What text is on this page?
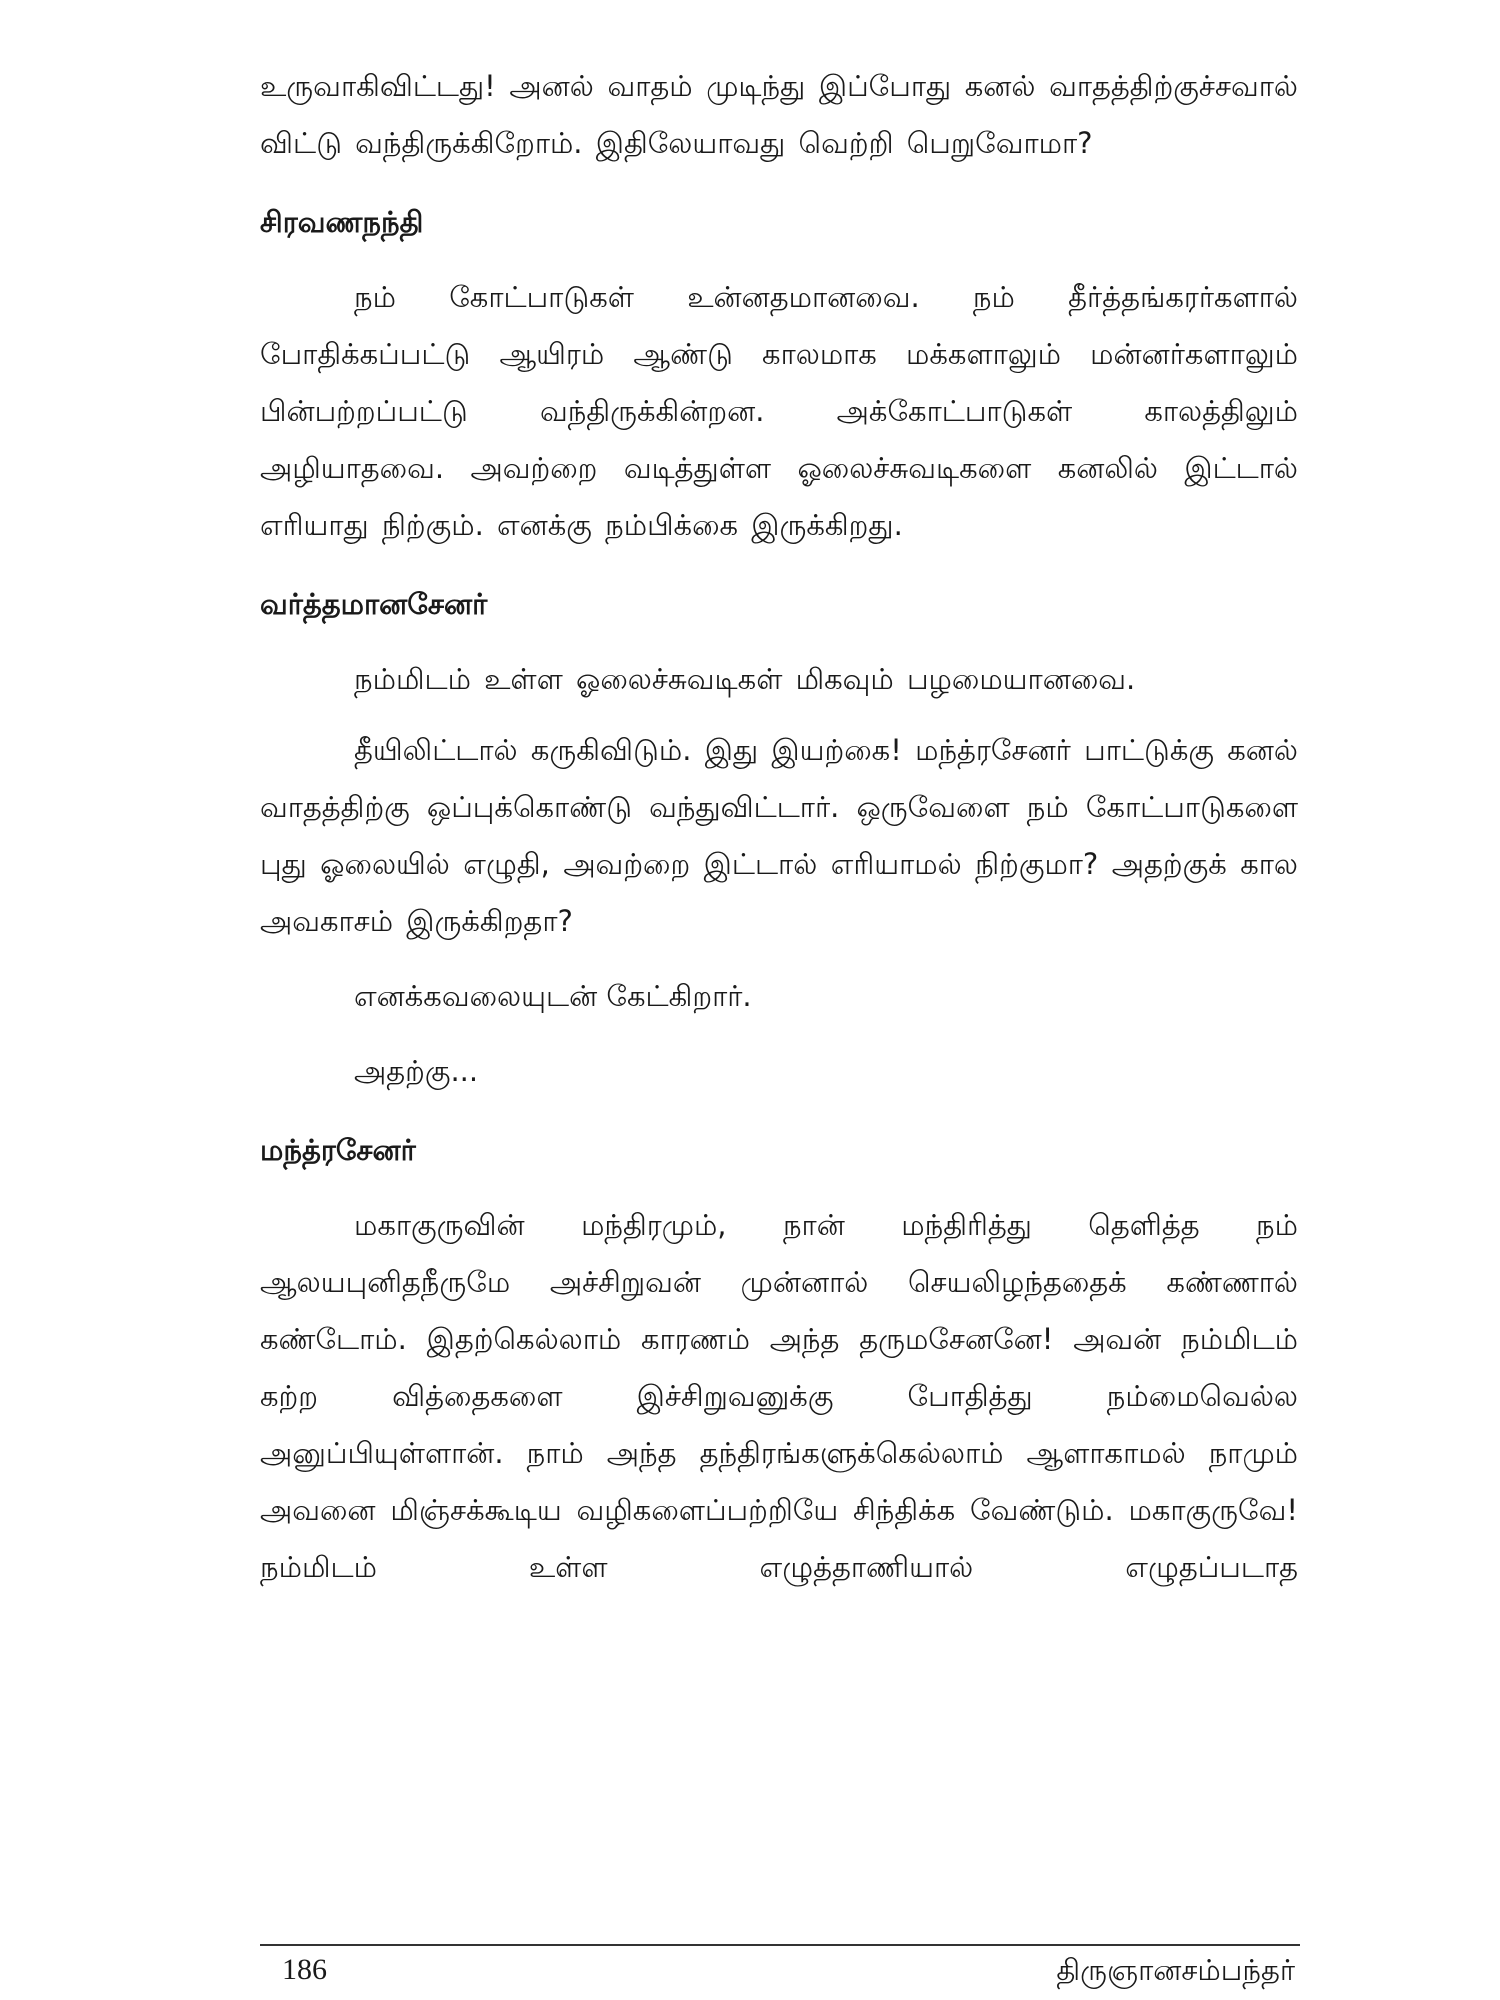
உருவாகிவிட்டது! அனல் வாதம் முடிந்து இப்போது கனல் வாதத்திற்குச்சவால் விட்டு வந்திருக்கிறோம். இதிலேயாவது வெற்றி பெறுவோமா?

சிரவணநந்தி

நம் கோட்பாடுகள் உன்னதமானவை. நம் தீர்த்தங்கரர்களால் போதிக்கப்பட்டு ஆயிரம் ஆண்டு காலமாக மக்களாலும் மன்னர்களாலும் பின்பற்றப்பட்டு வந்திருக்கின்றன. அக்கோட்பாடுகள் காலத்திலும் அழியாதவை. அவற்றை வடித்துள்ள ஓலைச்சுவடிகளை கனலில் இட்டால் எரியாது நிற்கும். எனக்கு நம்பிக்கை இருக்கிறது.

வர்த்தமானசேனர்

நம்மிடம் உள்ள ஓலைச்சுவடிகள் மிகவும் பழமையானவை.

தீயிலிட்டால் கருகிவிடும். இது இயற்கை! மந்த்ரசேனர் பாட்டுக்கு கனல் வாதத்திற்கு ஒப்புக்கொண்டு வந்துவிட்டார். ஒருவேளை நம் கோட்பாடுகளை புது ஓலையில் எழுதி, அவற்றை இட்டால் எரியாமல் நிற்குமா? அதற்குக் கால அவகாசம் இருக்கிறதா?

எனக்கவலையுடன் கேட்கிறார்.

அதற்கு...

மந்த்ரசேனர்

மகாகுருவின் மந்திரமும், நான் மந்திரித்து தெளித்த நம் ஆலயபுனிதநீருமே அச்சிறுவன் முன்னால் செயலிழந்ததைக் கண்ணால் கண்டோம். இதற்கெல்லாம் காரணம் அந்த தருமசேனனே! அவன் நம்மிடம் கற்ற வித்தைகளை இச்சிறுவனுக்கு போதித்து நம்மைவெல்ல அனுப்பியுள்ளான். நாம் அந்த தந்திரங்களுக்கெல்லாம் ஆளாகாமல் நாமும் அவனை மிஞ்சக்கூடிய வழிகளைப்பற்றியே சிந்திக்க வேண்டும். மகாகுருவே!நம்மிடம் உள்ள எழுத்தாணியால் எழுதப்படாத

186	திருஞானசம்பந்தர்
